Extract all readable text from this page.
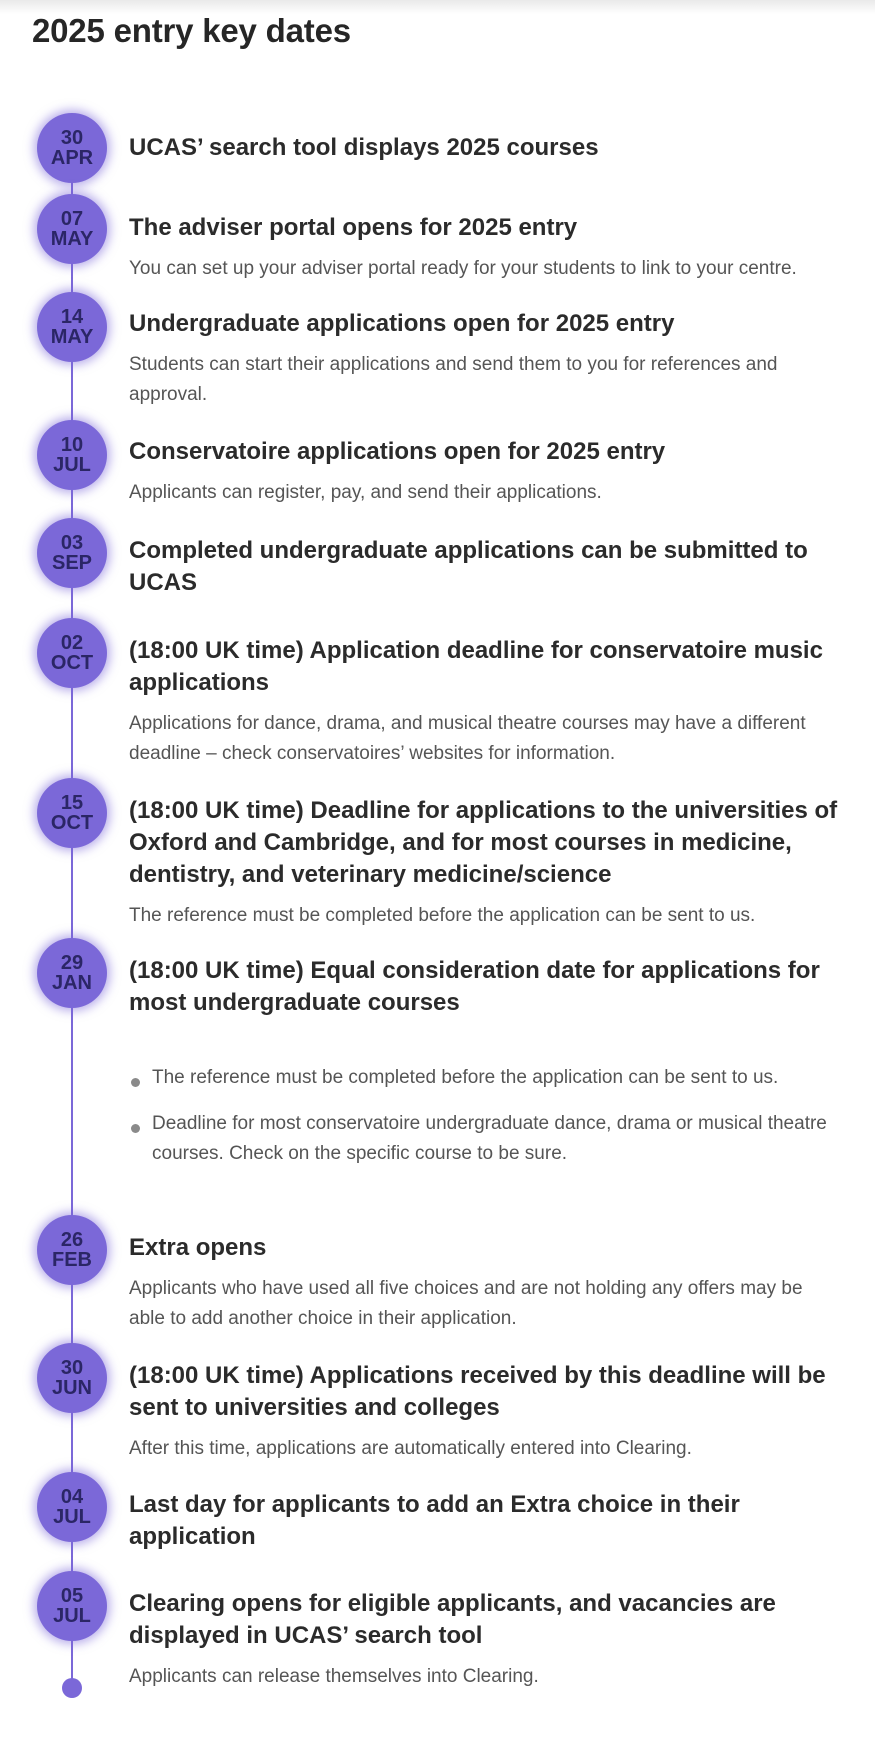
2025 entry key dates
30
APR UCAS’ search tool displays 2025 courses

07
MAY The adviser portal opens for 2025 entry

You can set up your adviser portal ready for your students to link to your centre.

14
MAY Undergraduate applications open for 2025 entry

Students can start their applications and send them to you for references and approval.

10
JUL Conservatoire applications open for 2025 entry

Applicants can register, pay, and send their applications.

03
SEP Completed undergraduate applications can be submitted to UCAS

02
OCT (18:00 UK time) Application deadline for conservatoire music applications

Applications for dance, drama, and musical theatre courses may have a different deadline – check conservatoires’ websites for information.

15
OCT (18:00 UK time) Deadline for applications to the universities of Oxford and Cambridge, and for most courses in medicine, dentistry, and veterinary medicine/science

The reference must be completed before the application can be sent to us.

29
JAN (18:00 UK time) Equal consideration date for applications for most undergraduate courses

The reference must be completed before the application can be sent to us.
Deadline for most conservatoire undergraduate dance, drama or musical theatre courses. Check on the specific course to be sure.
26
FEB Extra opens

Applicants who have used all five choices and are not holding any offers may be able to add another choice in their application.

30
JUN (18:00 UK time) Applications received by this deadline will be sent to universities and colleges

After this time, applications are automatically entered into Clearing.

04
JUL Last day for applicants to add an Extra choice in their application

05
JUL Clearing opens for eligible applicants, and vacancies are displayed in UCAS’ search tool

Applicants can release themselves into Clearing.
